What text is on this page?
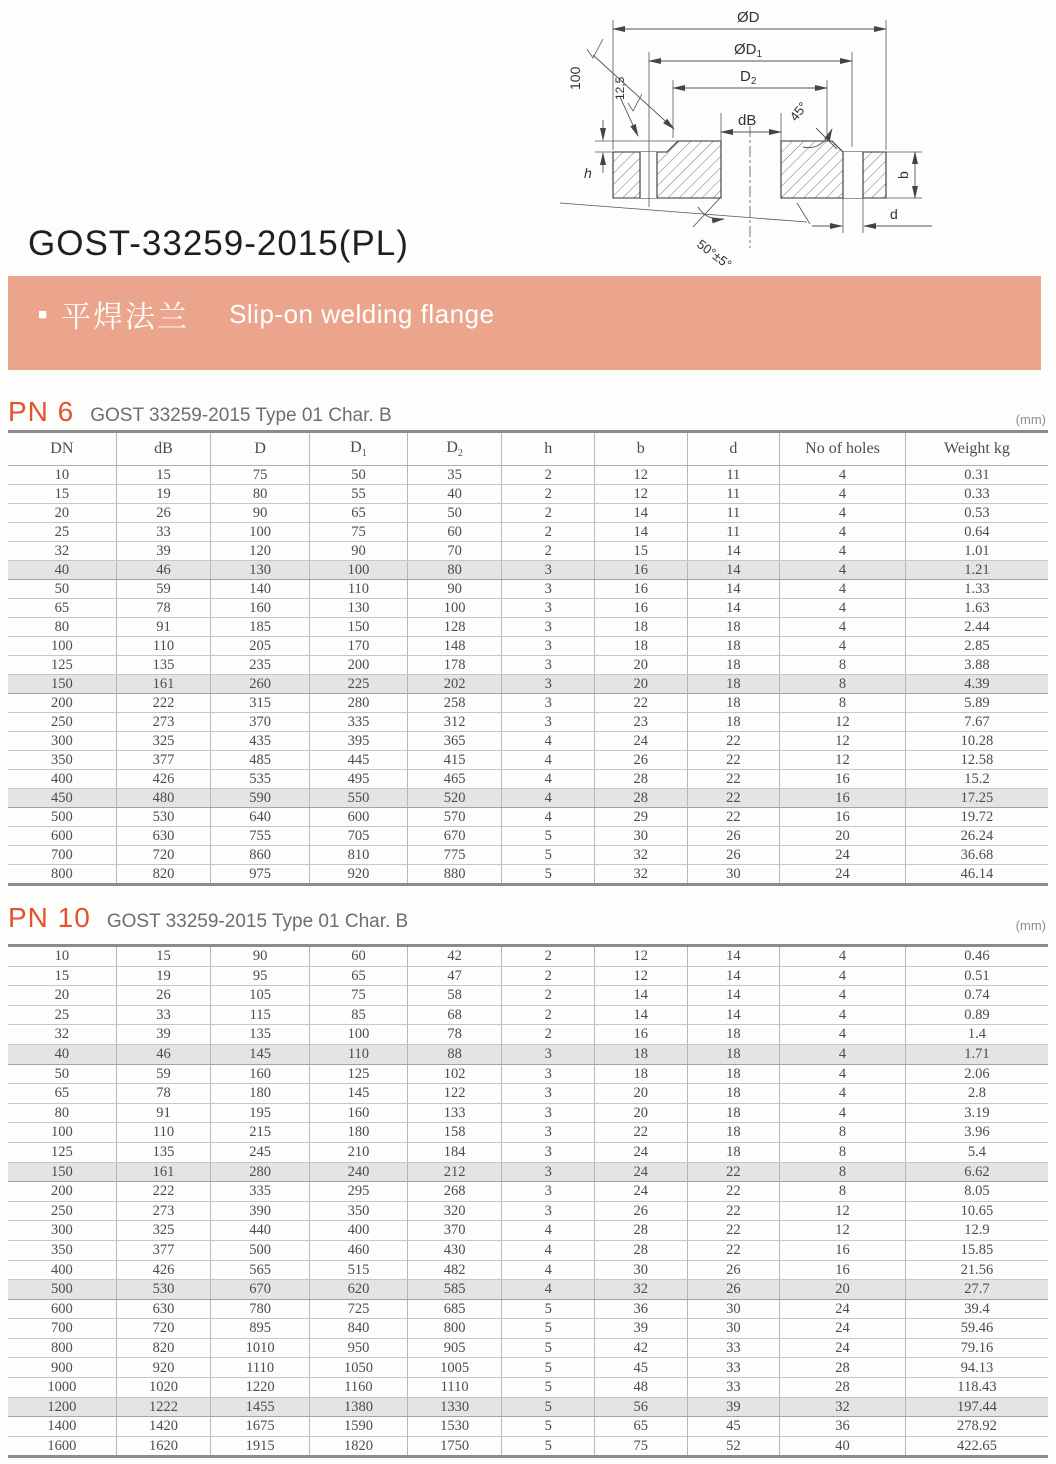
ØD
$ØD_1$
$D_2$
dB 45°
100	12,5
h	b
d
50°±5°
GOST-33259-2015(PL)
■ 平焊法兰 Slip-on welding flange
PN 6 GOST 33259-2015 Type 01 Char. B	(mm)
DN	dB	D	$D_1$	$D_2$	h	b	d	No of holes	Weight kg
10	15	75	50	35	2	12	11	4	0.31
15	19	80	55	40	2	12	11	4	0.33
20	26	90	65	50	2	14	11	4	0.53
25	33	100	75	60	2	14	11	4	0.64
32	39	120	90	70	2	15	14	4	1.01
40	46	130	100	80	3	16	14	4	1.21
50	59	140	110	90	3	16	14	4	1.33
65	78	160	130	100	3	16	14	4	1.63
80	91	185	150	128	3	18	18	4	2.44
100	110	205	170	148	3	18	18	4	2.85
125	135	235	200	178	3	20	18	8	3.88
150	161	260	225	202	3	20	18	8	4.39
200	222	315	280	258	3	22	18	8	5.89
250	273	370	335	312	3	23	18	12	7.67
300	325	435	395	365	4	24	22	12	10.28
350	377	485	445	415	4	26	22	12	12.58
400	426	535	495	465	4	28	22	16	15.2
450	480	590	550	520	4	28	22	16	17.25
500	530	640	600	570	4	29	22	16	19.72
600	630	755	705	670	5	30	26	20	26.24
700	720	860	810	775	5	32	26	24	36.68
800	820	975	920	880	5	32	30	24	46.14
PN 10 GOST 33259-2015 Type 01 Char. B	(mm)
10	15	90	60	42	2	12	14	4	0.46
15	19	95	65	47	2	12	14	4	0.51
20	26	105	75	58	2	14	14	4	0.74
25	33	115	85	68	2	14	14	4	0.89
32	39	135	100	78	2	16	18	4	1.4
40	46	145	110	88	3	18	18	4	1.71
50	59	160	125	102	3	18	18	4	2.06
65	78	180	145	122	3	20	18	4	2.8
80	91	195	160	133	3	20	18	4	3.19
100	110	215	180	158	3	22	18	8	3.96
125	135	245	210	184	3	24	18	8	5.4
150	161	280	240	212	3	24	22	8	6.62
200	222	335	295	268	3	24	22	8	8.05
250	273	390	350	320	3	26	22	12	10.65
300	325	440	400	370	4	28	22	12	12.9
350	377	500	460	430	4	28	22	16	15.85
400	426	565	515	482	4	30	26	16	21.56
500	530	670	620	585	4	32	26	20	27.7
600	630	780	725	685	5	36	30	24	39.4
700	720	895	840	800	5	39	30	24	59.46
800	820	1010	950	905	5	42	33	24	79.16
900	920	1110	1050	1005	5	45	33	28	94.13
1000	1020	1220	1160	1110	5	48	33	28	118.43
1200	1222	1455	1380	1330	5	56	39	32	197.44
1400	1420	1675	1590	1530	5	65	45	36	278.92
1600	1620	1915	1820	1750	5	75	52	40	422.65
